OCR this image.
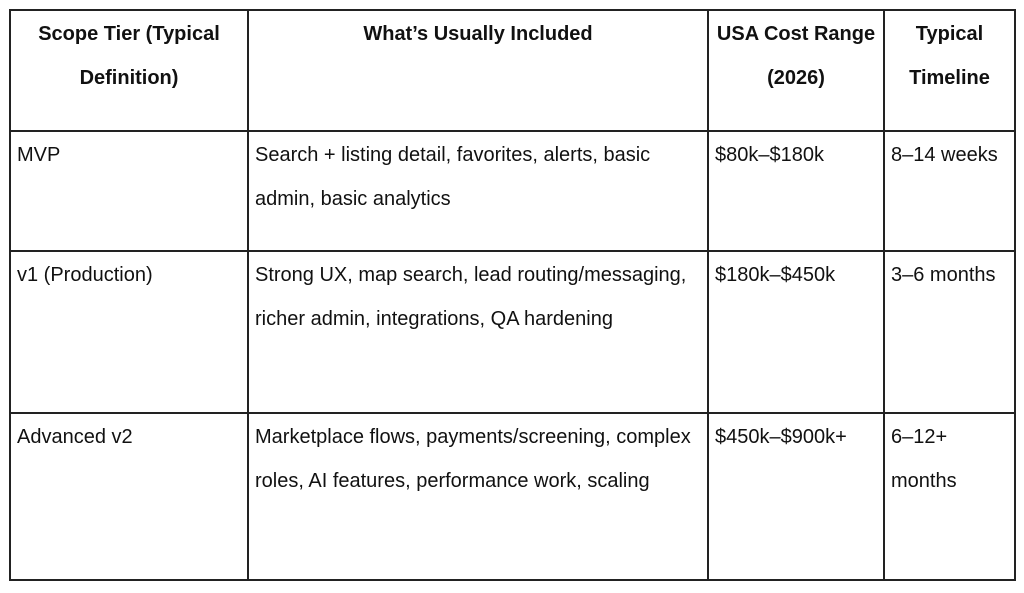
Scope Tier (Typical Definition)	What’s Usually Included	USA Cost Range (2026)	Typical Timeline
MVP	Search + listing detail, favorites, alerts, basic admin, basic analytics	$80k–$180k	8–14 weeks
v1 (Production)	Strong UX, map search, lead routing/messaging, richer admin, integrations, QA hardening	$180k–$450k	3–6 months
Advanced v2	Marketplace flows, payments/screening, complex roles, AI features, performance work, scaling	$450k–$900k+	6–12+ months
